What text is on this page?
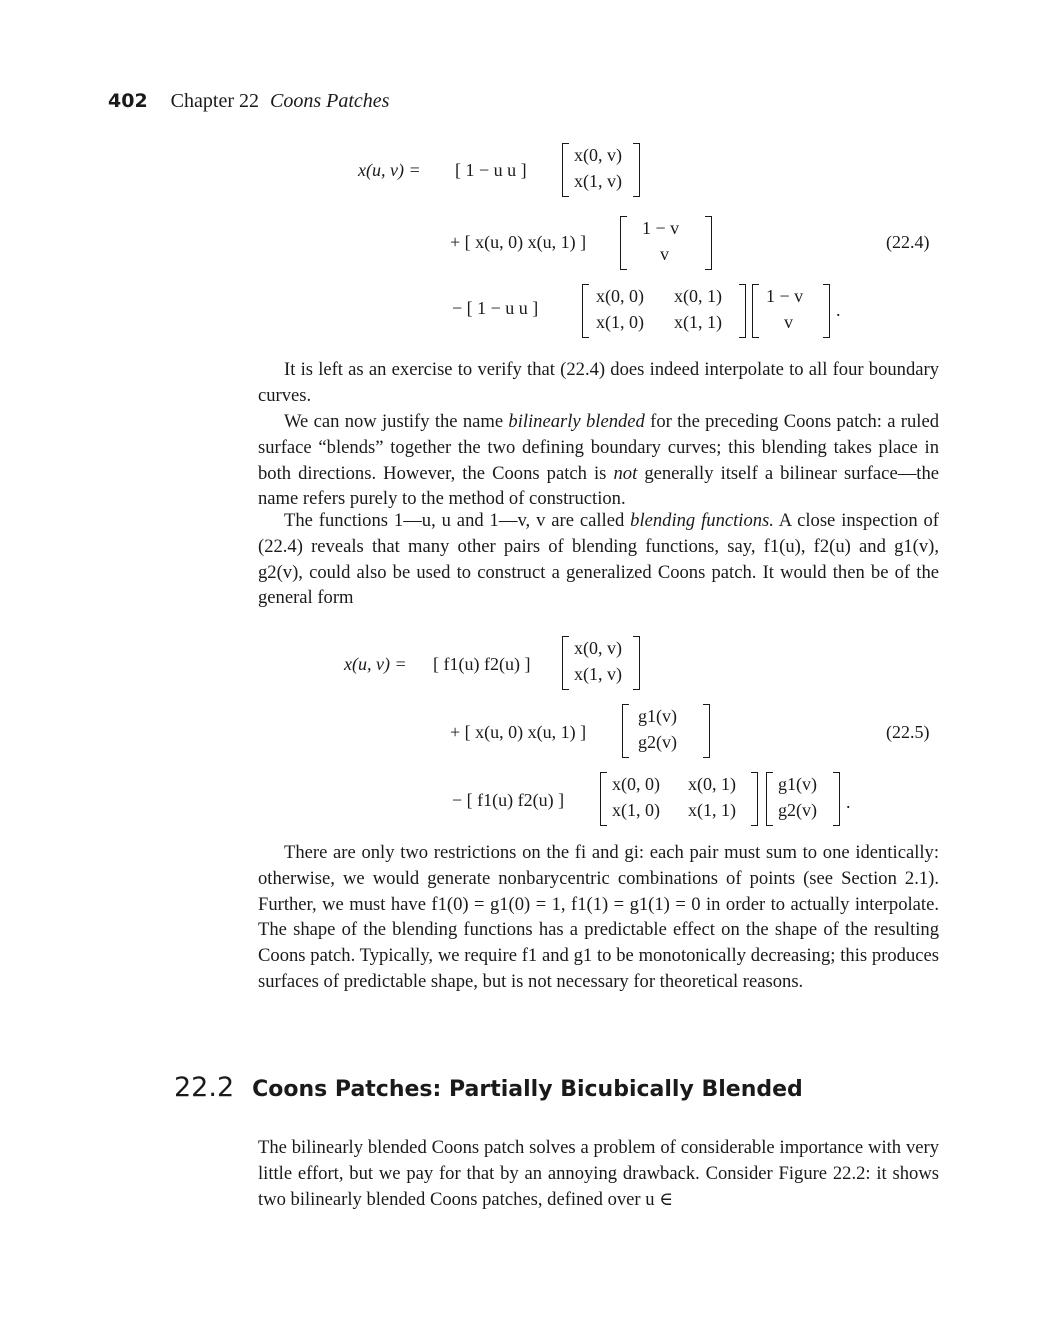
402 Chapter 22 Coons Patches
x(u, v) = [ 1 − u u ]
x(0, v)
x(1, v)
+ [ x(u, 0) x(u, 1) ]
1 − v
v
(22.4)
− [ 1 − u u ]
x(0, 0) x(0, 1)
x(1, 0) x(1, 1)
1 − v
v
.

It is left as an exercise to verify that (22.4) does indeed interpolate to all four boundary curves.

We can now justify the name bilinearly blended for the preceding Coons patch: a ruled surface “blends” together the two defining boundary curves; this blending takes place in both directions. However, the Coons patch is not generally itself a bilinear surface—the name refers purely to the method of construction.

The functions 1—u, u and 1—v, v are called blending functions. A close inspection of (22.4) reveals that many other pairs of blending functions, say, f1(u), f2(u) and g1(v), g2(v), could also be used to construct a generalized Coons patch. It would then be of the general form

x(u, v) = [ f1(u) f2(u) ]
x(0, v)
x(1, v)
+ [ x(u, 0) x(u, 1) ]
g1(v)
g2(v)	(22.5)
− [ f1(u) f2(u) ]
x(0, 0) x(0, 1)
x(1, 0) x(1, 1)
g1(v)
g2(v) .

There are only two restrictions on the fi and gi: each pair must sum to one identically: otherwise, we would generate nonbarycentric combinations of points (see Section 2.1). Further, we must have f1(0) = g1(0) = 1, f1(1) = g1(1) = 0 in order to actually interpolate. The shape of the blending functions has a predictable effect on the shape of the resulting Coons patch. Typically, we require f1 and g1 to be monotonically decreasing; this produces surfaces of predictable shape, but is not necessary for theoretical reasons.

22.2 Coons Patches: Partially Bicubically Blended

The bilinearly blended Coons patch solves a problem of considerable importance with very little effort, but we pay for that by an annoying drawback. Consider Figure 22.2: it shows two bilinearly blended Coons patches, defined over u ∈
